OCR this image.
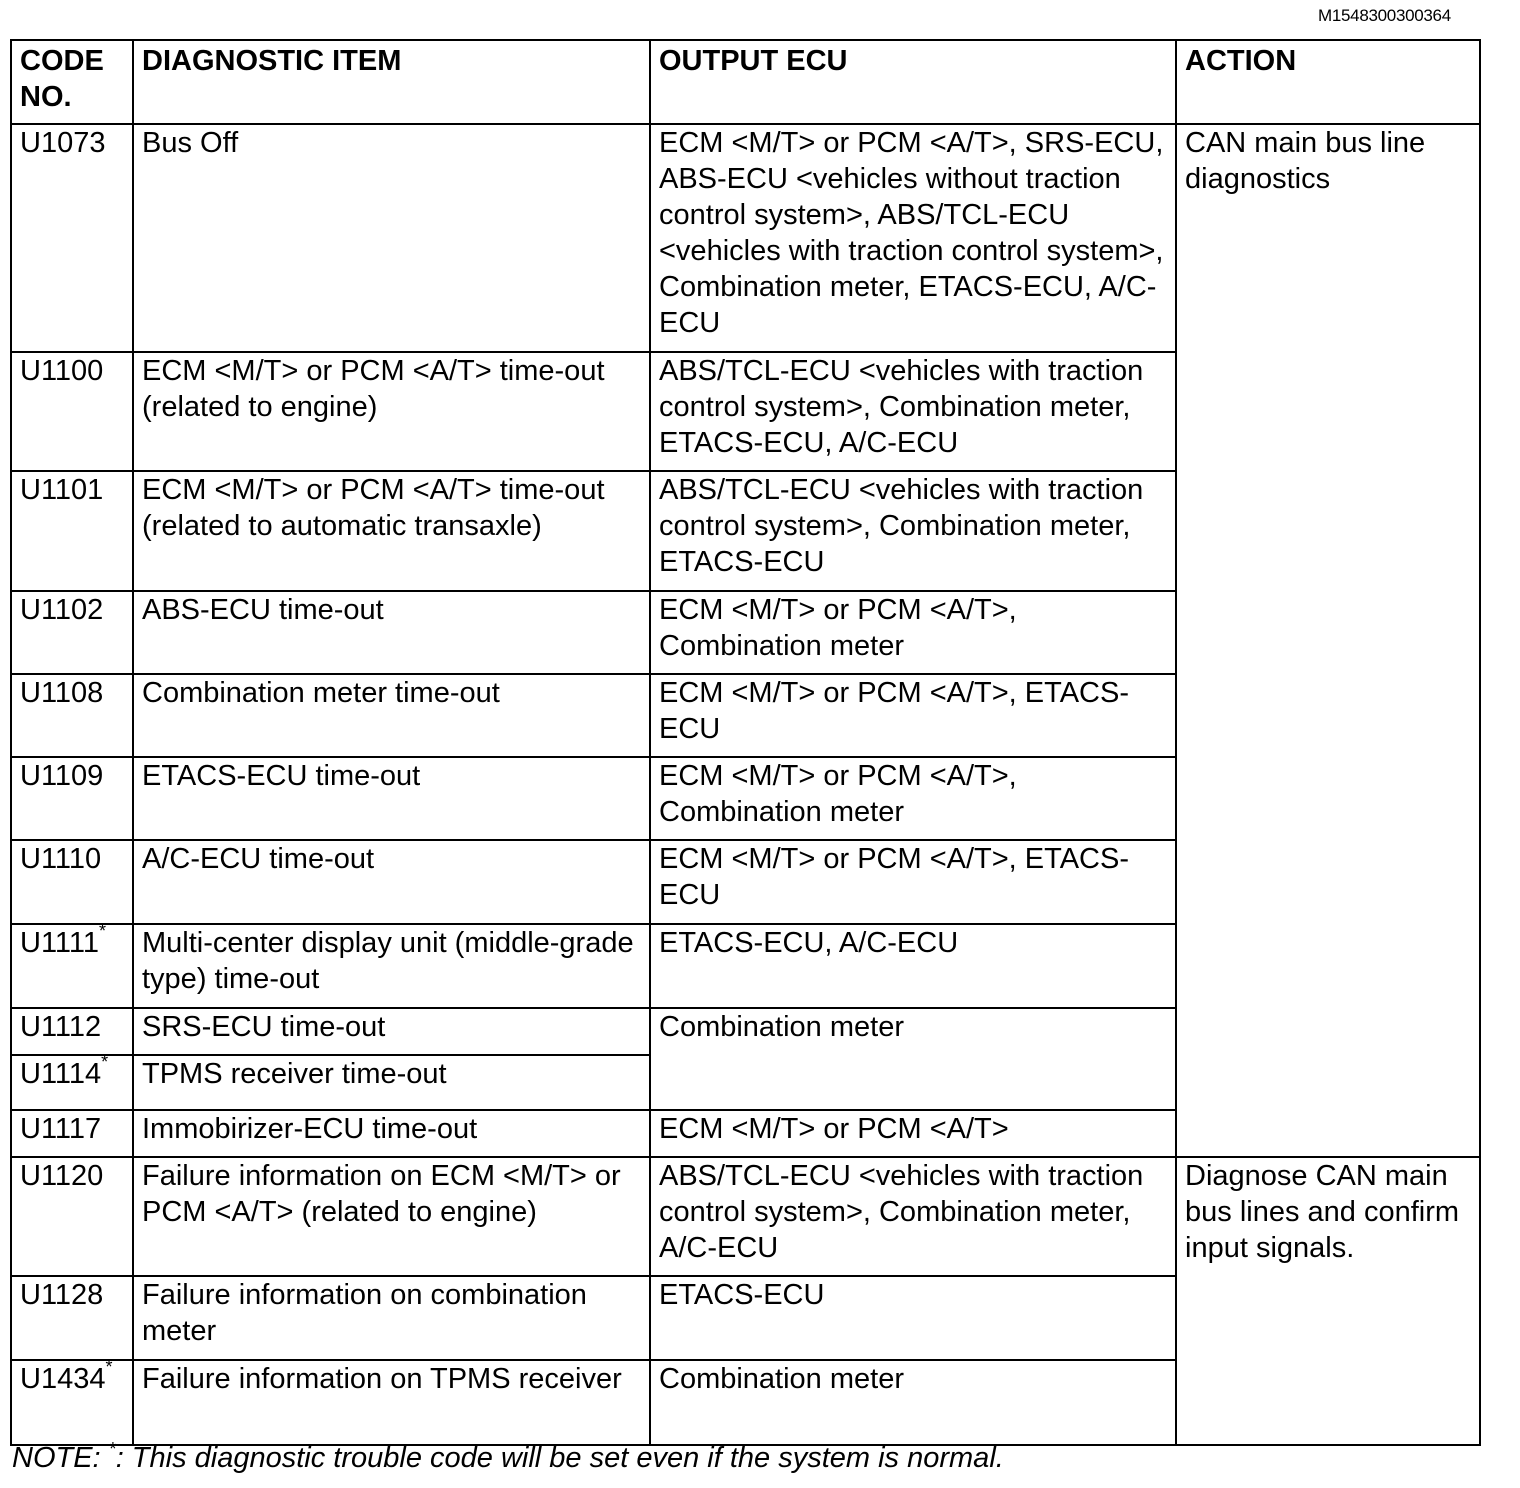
M1548300300364
CODE NO.	DIAGNOSTIC ITEM	OUTPUT ECU	ACTION
U1073	Bus Off	ECM <M/T> or PCM <A/T>, SRS-ECU, ABS-ECU <vehicles without traction control system>, ABS/TCL-ECU <vehicles with traction control system>, Combination meter, ETACS-ECU, A/C-ECU	CAN main bus line diagnostics
U1100	ECM <M/T> or PCM <A/T> time-out (related to engine)	ABS/TCL-ECU <vehicles with traction control system>, Combination meter, ETACS-ECU, A/C-ECU	
U1101	ECM <M/T> or PCM <A/T> time-out (related to automatic transaxle)	ABS/TCL-ECU <vehicles with traction control system>, Combination meter, ETACS-ECU	
U1102	ABS-ECU time-out	ECM <M/T> or PCM <A/T>, Combination meter	
U1108	Combination meter time-out	ECM <M/T> or PCM <A/T>, ETACS-ECU	
U1109	ETACS-ECU time-out	ECM <M/T> or PCM <A/T>, Combination meter	
U1110	A/C-ECU time-out	ECM <M/T> or PCM <A/T>, ETACS-ECU	
U1111*	Multi-center display unit (middle-grade type) time-out	ETACS-ECU, A/C-ECU	
U1112	SRS-ECU time-out	Combination meter	
U1114*	TPMS receiver time-out		
U1117	Immobirizer-ECU time-out	ECM <M/T> or PCM <A/T>	
U1120	Failure information on ECM <M/T> or PCM <A/T> (related to engine)	ABS/TCL-ECU <vehicles with traction control system>, Combination meter, A/C-ECU	Diagnose CAN main bus lines and confirm input signals.
U1128	Failure information on combination meter	ETACS-ECU	
U1434*	Failure information on TPMS receiver	Combination meter	
NOTE: *: This diagnostic trouble code will be set even if the system is normal.
